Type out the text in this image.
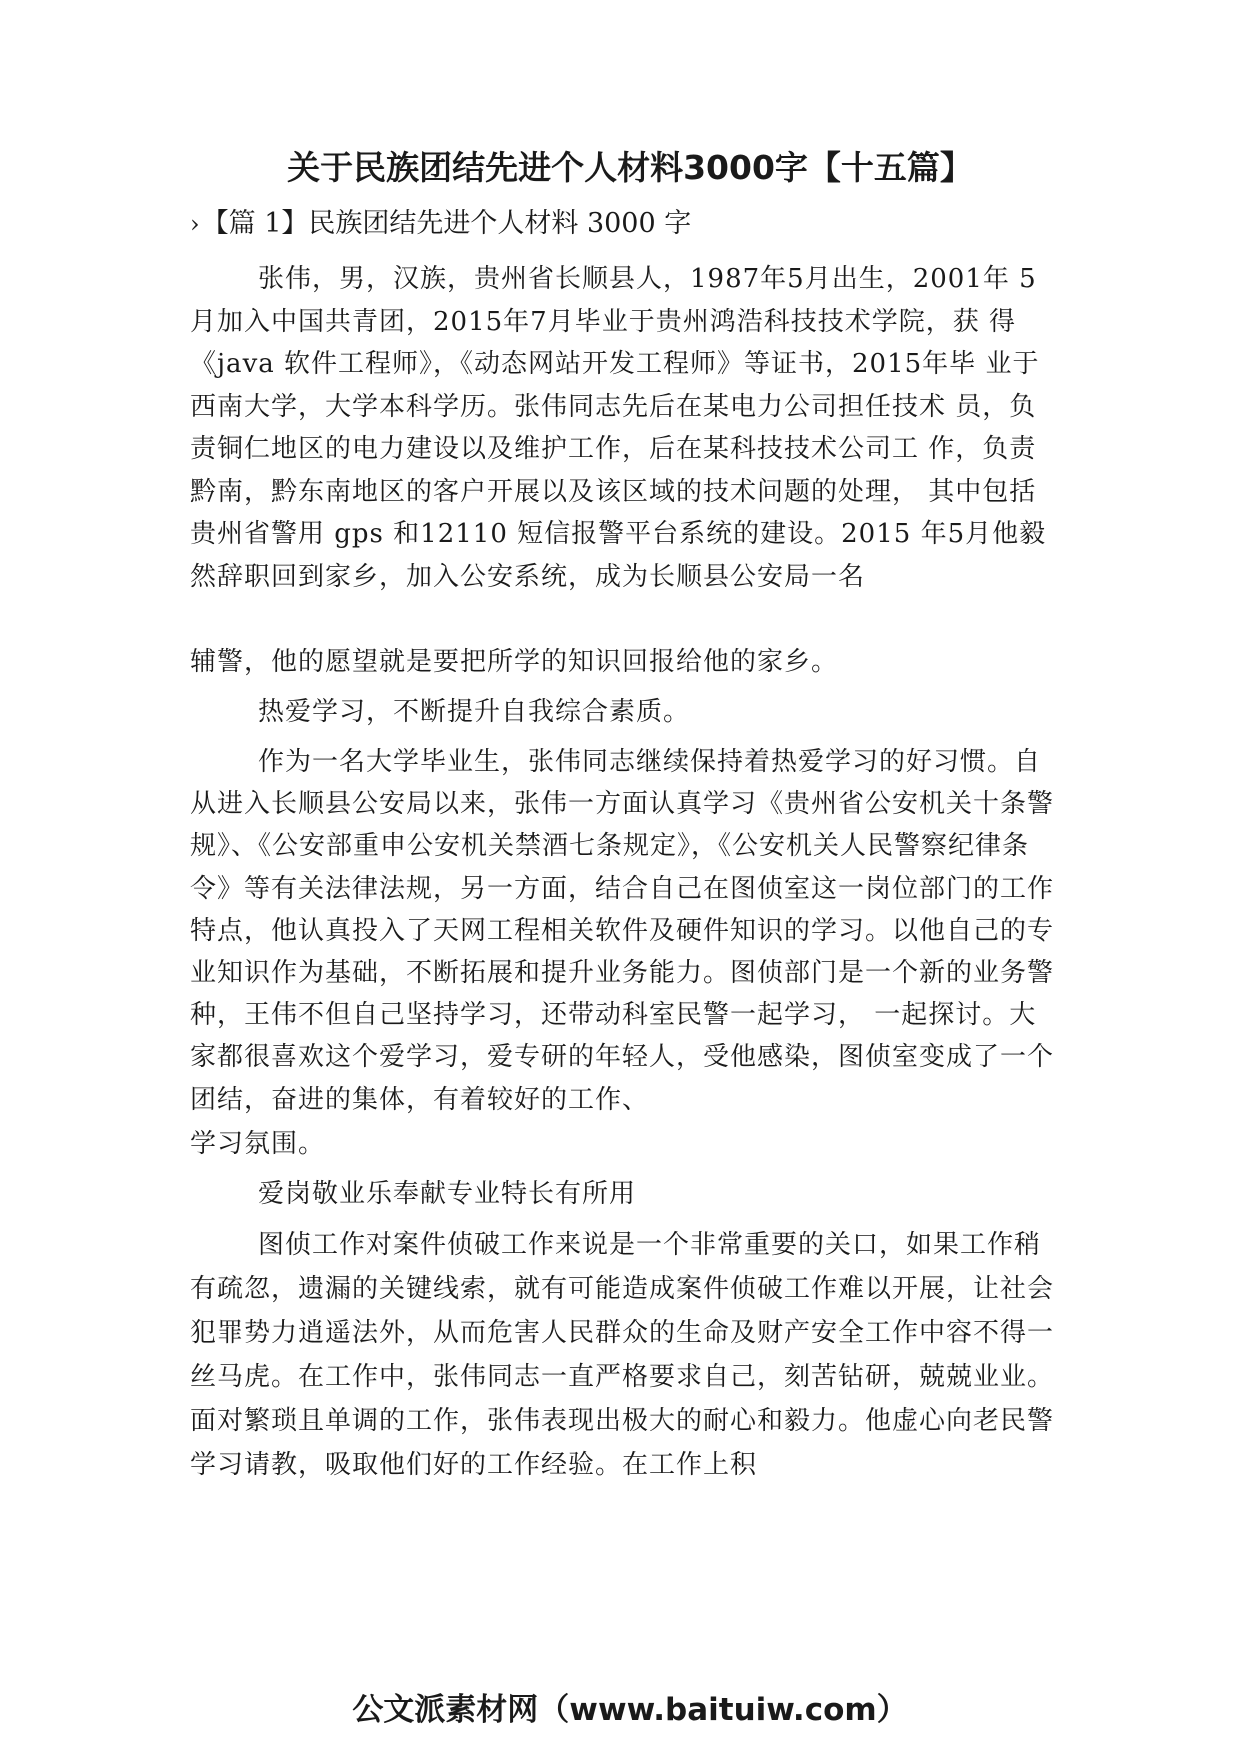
关于民族团结先进个人材料3000字【十五篇】
›【篇 1】民族团结先进个人材料 3000 字

张伟，男，汉族，贵州省长顺县人，1987年5月出生，2001年 5月加入中国共青团，2015年7月毕业于贵州鸿浩科技技术学院，获 得 《java 软件工程师》，《动态网站开发工程师》等证书，2015年毕 业于西南大学，大学本科学历。张伟同志先后在某电力公司担任技术 员，负责铜仁地区的电力建设以及维护工作，后在某科技技术公司工 作，负责黔南，黔东南地区的客户开展以及该区域的技术问题的处理， 其中包括贵州省警用 gps 和12110 短信报警平台系统的建设。2015 年5月他毅然辞职回到家乡，加入公安系统，成为长顺县公安局一名

辅警，他的愿望就是要把所学的知识回报给他的家乡。

热爱学习，不断提升自我综合素质。

作为一名大学毕业生，张伟同志继续保持着热爱学习的好习惯。自从进入长顺县公安局以来，张伟一方面认真学习《贵州省公安机关十条警规》、《公安部重申公安机关禁酒七条规定》，《公安机关人民警察纪律条令》等有关法律法规，另一方面，结合自己在图侦室这一岗位部门的工作特点，他认真投入了天网工程相关软件及硬件知识的学习。以他自己的专业知识作为基础，不断拓展和提升业务能力。图侦部门是一个新的业务警种，王伟不但自己坚持学习，还带动科室民警一起学习， 一起探讨。大家都很喜欢这个爱学习，爱专研的年轻人，受他感染，图侦室变成了一个团结，奋进的集体，有着较好的工作、

学习氛围。

爱岗敬业乐奉献专业特长有所用

图侦工作对案件侦破工作来说是一个非常重要的关口，如果工作稍有疏忽，遗漏的关键线索，就有可能造成案件侦破工作难以开展，让社会犯罪势力逍遥法外，从而危害人民群众的生命及财产安全工作中容不得一丝马虎。在工作中，张伟同志一直严格要求自己，刻苦钻研，兢兢业业。面对繁琐且单调的工作，张伟表现出极大的耐心和毅力。他虚心向老民警学习请教，吸取他们好的工作经验。在工作上积

公文派素材网（www.baituiw.com）
